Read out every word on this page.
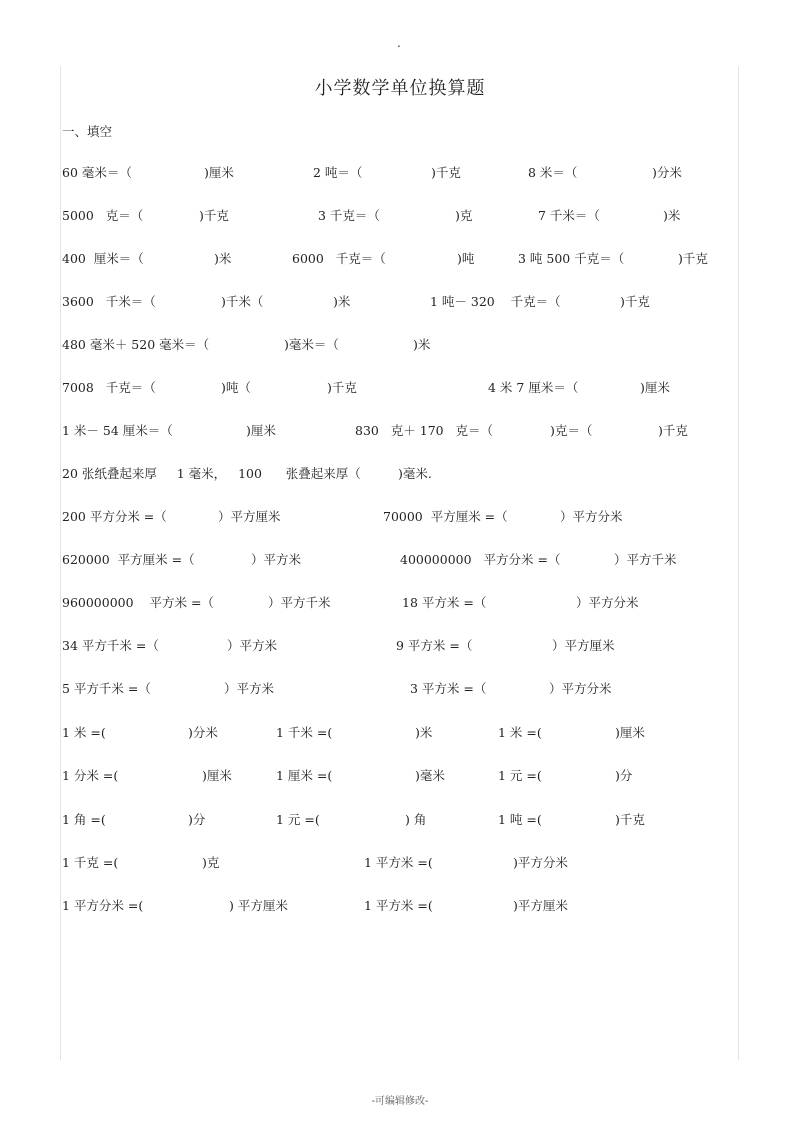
.
小学数学单位换算题
一、填空
60 毫米＝（	)厘米	2 吨＝（	)千克	8 米＝（	)分米
5000   克＝（	)千克	3 千克＝（	)克	7 千米＝（	)米
400  厘米＝（	)米	6000   千克＝（	)吨	3 吨 500 千克＝（	)千克
3600   千米＝（	)千米（	)米	1 吨－ 320    千克＝（	)千克
480 毫米＋ 520 毫米＝（	)毫米＝（	)米
7008   千克＝（	)吨（	)千克	4 米 7 厘米＝（	)厘米
1 米－ 54 厘米＝（	)厘米	830   克＋ 170   克＝（	)克＝（	)千克
20 张纸叠起来厚     1 毫米，   100      张叠起来厚（	)毫米.
200 平方分米 =（	）平方厘米	70000  平方厘米 =（	）平方分米
620000  平方厘米 =（	）平方米	400000000   平方分米 =（	）平方千米
960000000    平方米 =（	）平方千米	18 平方米 =（	）平方分米
34 平方千米 =（	）平方米	9 平方米 =（	）平方厘米
5 平方千米 =（	）平方米	3 平方米 =（	）平方分米
1 米 =(	)分米	1 千米 =(	)米	1 米 =(	)厘米
1 分米 =(	)厘米	1 厘米 =(	)毫米	1 元 =(	)分
1 角 =(	)分	1 元 =(	) 角	1 吨 =(	)千克
1 千克 =(	)克	1 平方米 =(	)平方分米
1 平方分米 =(	) 平方厘米	1 平方米 =(	)平方厘米
-可编辑修改-
